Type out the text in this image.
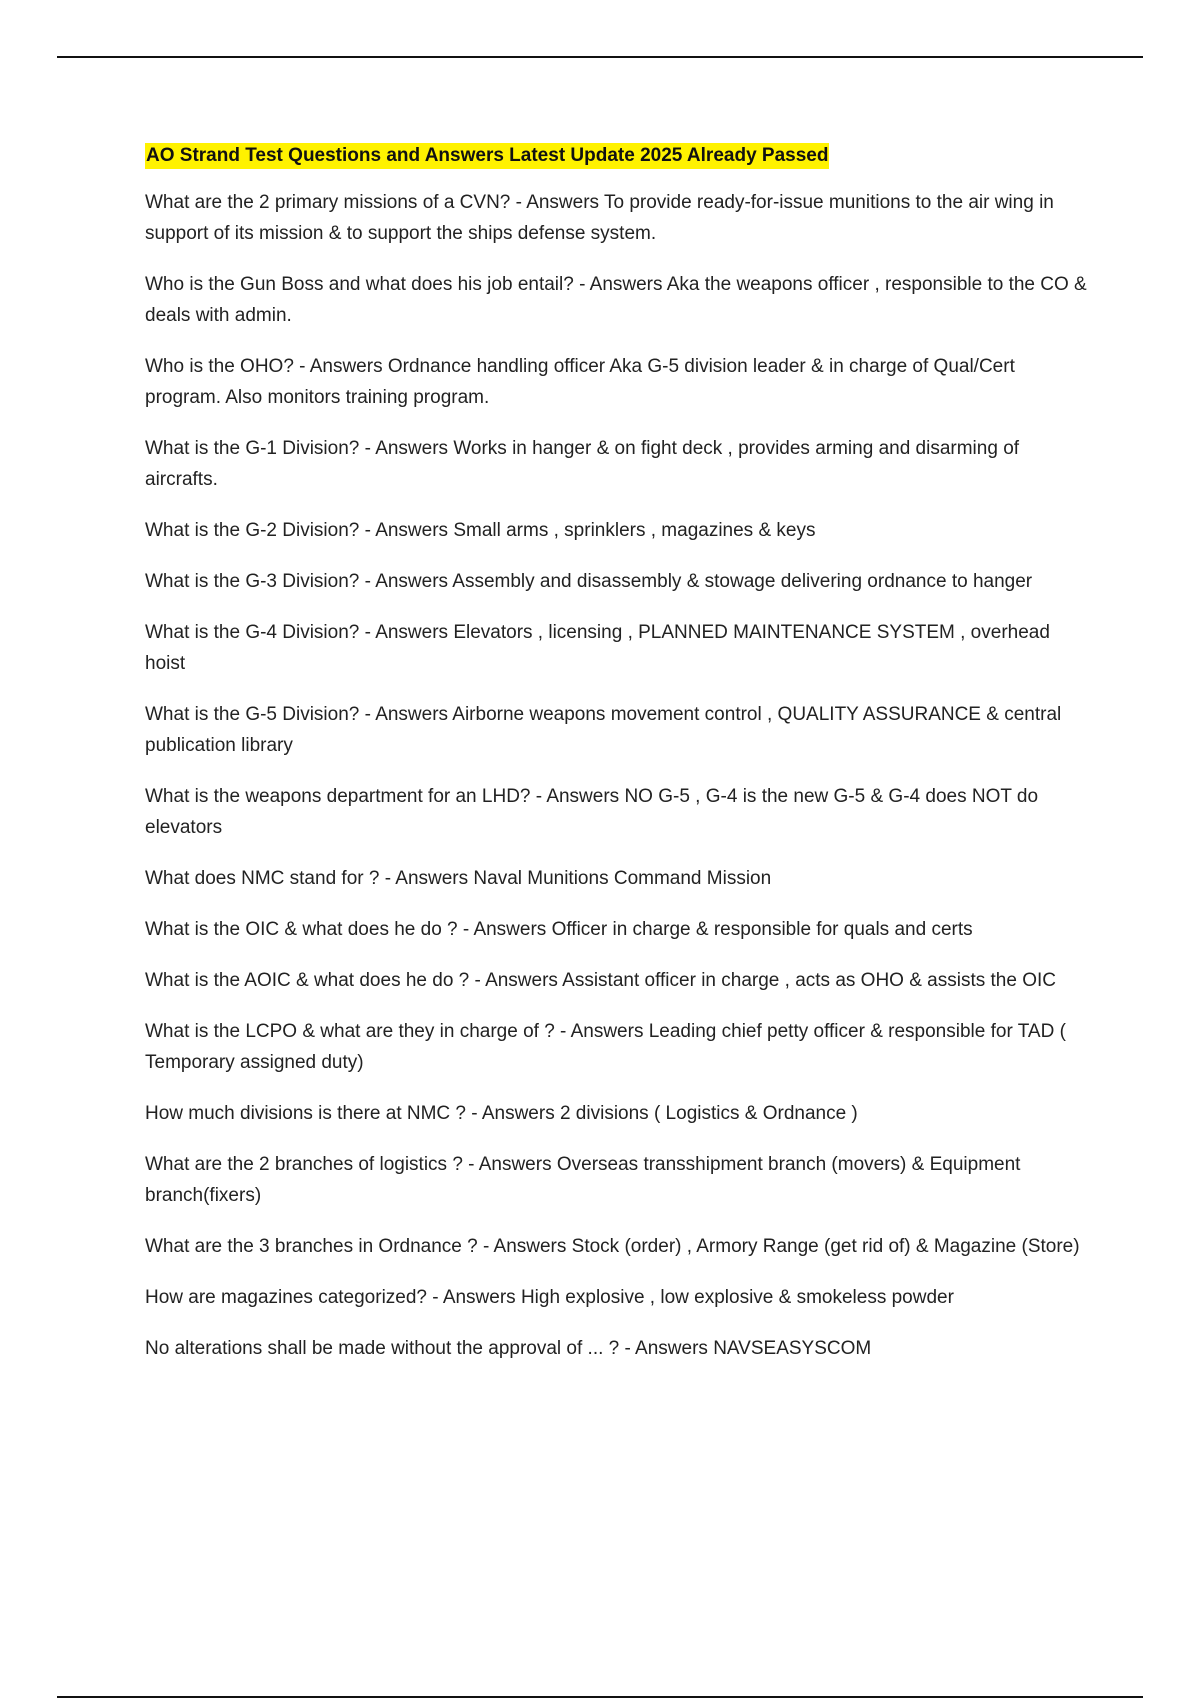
AO Strand Test Questions and Answers Latest Update 2025 Already Passed
What are the 2 primary missions of a CVN? - Answers To provide ready-for-issue munitions to the air wing in support of its mission & to support the ships defense system.
Who is the Gun Boss and what does his job entail? - Answers Aka the weapons officer , responsible to the CO & deals with admin.
Who is the OHO? - Answers Ordnance handling officer Aka G-5 division leader & in charge of Qual/Cert program. Also monitors training program.
What is the G-1 Division? - Answers Works in hanger & on fight deck , provides arming and disarming of aircrafts.
What is the G-2 Division? - Answers Small arms , sprinklers , magazines & keys
What is the G-3 Division? - Answers Assembly and disassembly & stowage delivering ordnance to hanger
What is the G-4 Division? - Answers Elevators , licensing , PLANNED MAINTENANCE SYSTEM , overhead hoist
What is the G-5 Division? - Answers Airborne weapons movement control , QUALITY ASSURANCE & central publication library
What is the weapons department for an LHD? - Answers NO G-5 , G-4 is the new G-5 & G-4 does NOT do elevators
What does NMC stand for ? - Answers Naval Munitions Command Mission
What is the OIC & what does he do ? - Answers Officer in charge & responsible for quals and certs
What is the AOIC & what does he do ? - Answers Assistant officer in charge , acts as OHO & assists the OIC
What is the LCPO & what are they in charge of ? - Answers Leading chief petty officer & responsible for TAD ( Temporary assigned duty)
How much divisions is there at NMC ? - Answers 2 divisions ( Logistics & Ordnance )
What are the 2 branches of logistics ? - Answers Overseas transshipment branch (movers) & Equipment branch(fixers)
What are the 3 branches in Ordnance ? - Answers Stock (order) , Armory Range (get rid of) & Magazine (Store)
How are magazines categorized? - Answers High explosive , low explosive & smokeless powder
No alterations shall be made without the approval of ... ? - Answers NAVSEASYSCOM
